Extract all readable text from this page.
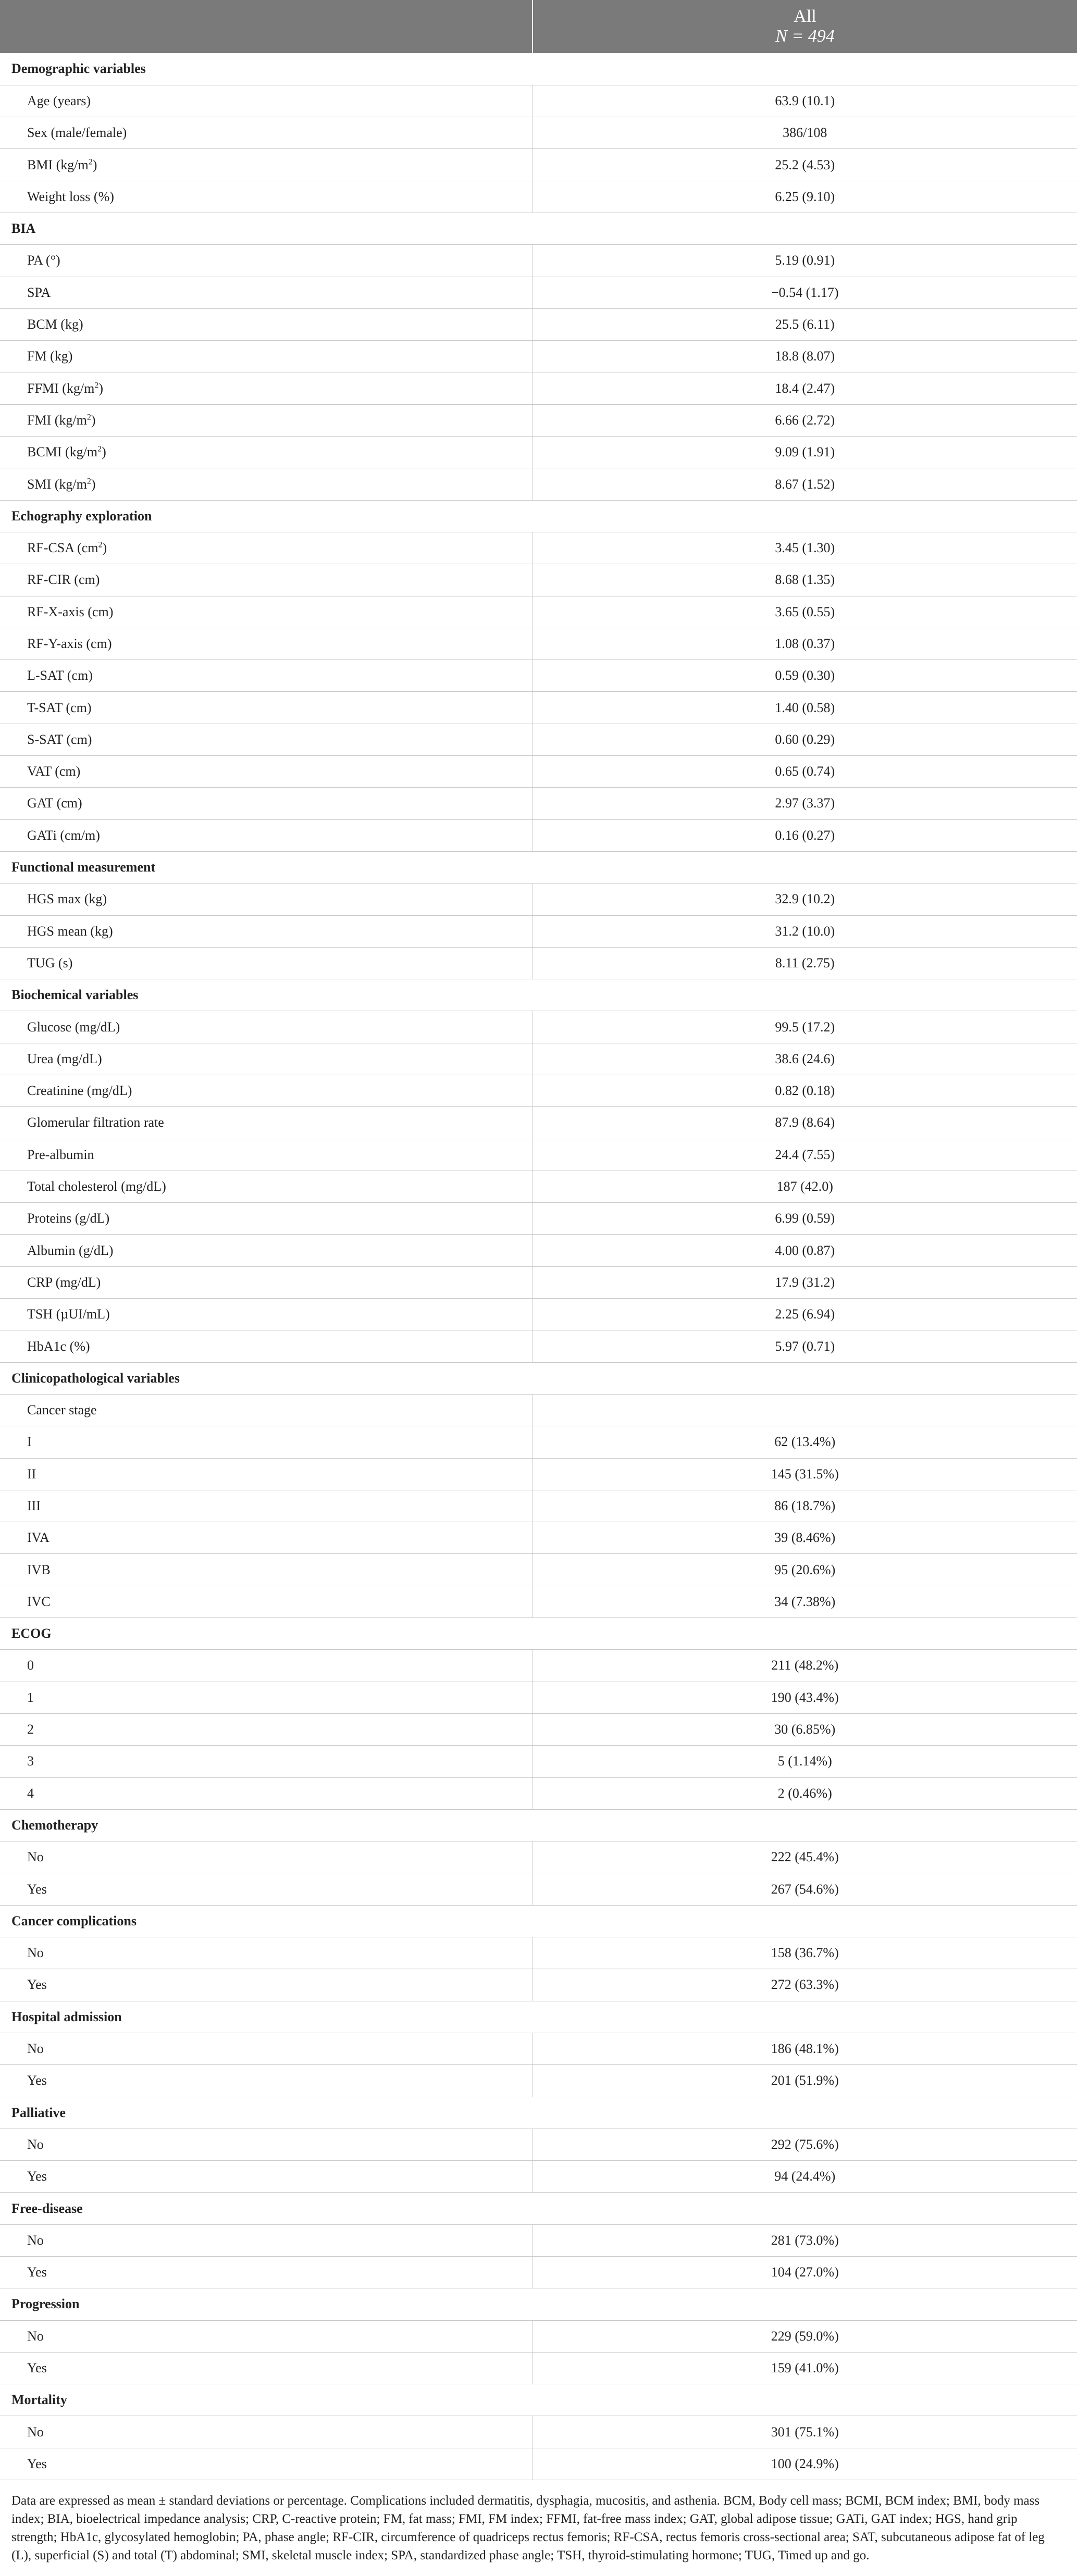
	All
N = 494

Demographic variables	
Age (years)	63.9 (10.1)
Sex (male/female)	386/108
BMI $(kg/m^2)$	25.2 (4.53)
Weight loss (%)	6.25 (9.10)
BIA	
PA (°)	5.19 (0.91)
SPA	−0.54 (1.17)
BCM (kg)	25.5 (6.11)
FM (kg)	18.8 (8.07)
FFMI $(kg/m^2)$	18.4 (2.47)
FMI $(kg/m^2)$	6.66 (2.72)
BCMI $(kg/m^2)$	9.09 (1.91)
SMI $(kg/m^2)$	8.67 (1.52)
Echography exploration	
RF-CSA $(cm^2)$	3.45 (1.30)
RF-CIR (cm)	8.68 (1.35)
RF-X-axis (cm)	3.65 (0.55)
RF-Y-axis (cm)	1.08 (0.37)
L-SAT (cm)	0.59 (0.30)
T-SAT (cm)	1.40 (0.58)
S-SAT (cm)	0.60 (0.29)
VAT (cm)	0.65 (0.74)
GAT (cm)	2.97 (3.37)
GATi (cm/m)	0.16 (0.27)
Functional measurement	
HGS max (kg)	32.9 (10.2)
HGS mean (kg)	31.2 (10.0)
TUG (s)	8.11 (2.75)
Biochemical variables	
Glucose (mg/dL)	99.5 (17.2)
Urea (mg/dL)	38.6 (24.6)
Creatinine (mg/dL)	0.82 (0.18)
Glomerular filtration rate	87.9 (8.64)
Pre-albumin	24.4 (7.55)
Total cholesterol (mg/dL)	187 (42.0)
Proteins (g/dL)	6.99 (0.59)
Albumin (g/dL)	4.00 (0.87)
CRP (mg/dL)	17.9 (31.2)
TSH (µUI/mL)	2.25 (6.94)
HbA1c (%)	5.97 (0.71)
Clinicopathological variables	
Cancer stage	
I	62 (13.4%)
II	145 (31.5%)
III	86 (18.7%)
IVA	39 (8.46%)
IVB	95 (20.6%)
IVC	34 (7.38%)
ECOG	
0	211 (48.2%)
1	190 (43.4%)
2	30 (6.85%)
3	5 (1.14%)
4	2 (0.46%)
Chemotherapy	
No	222 (45.4%)
Yes	267 (54.6%)
Cancer complications	
No	158 (36.7%)
Yes	272 (63.3%)
Hospital admission	
No	186 (48.1%)
Yes	201 (51.9%)
Palliative	
No	292 (75.6%)
Yes	94 (24.4%)
Free-disease	
No	281 (73.0%)
Yes	104 (27.0%)
Progression	
No	229 (59.0%)
Yes	159 (41.0%)
Mortality	
No	301 (75.1%)
Yes	100 (24.9%)
Data are expressed as mean ± standard deviations or percentage. Complications included dermatitis, dysphagia, mucositis, and asthenia. BCM, Body cell mass; BCMI, BCM index; BMI, body mass index; BIA, bioelectrical impedance analysis; CRP, C-reactive protein; FM, fat mass; FMI, FM index; FFMI, fat-free mass index; GAT, global adipose tissue; GATi, GAT index; HGS, hand grip strength; HbA1c, glycosylated hemoglobin; PA, phase angle; RF-CIR, circumference of quadriceps rectus femoris; RF-CSA, rectus femoris cross-sectional area; SAT, subcutaneous adipose fat of leg (L), superficial (S) and total (T) abdominal; SMI, skeletal muscle index; SPA, standardized phase angle; TSH, thyroid-stimulating hormone; TUG, Timed up and go.
